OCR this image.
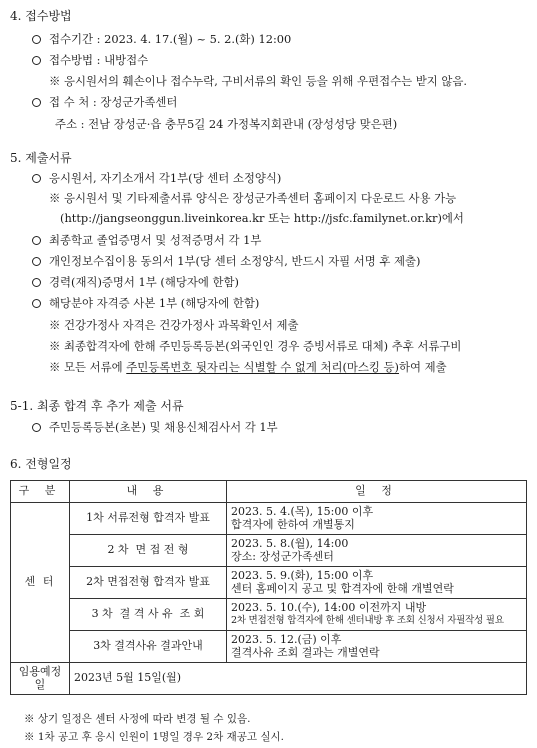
4. 접수방법
접수기간 : 2023. 4. 17.(월) ~ 5. 2.(화) 12:00
접수방법 : 내방접수
※ 응시원서의 훼손이나 접수누락, 구비서류의 확인 등을 위해 우편접수는 받지 않음.
접 수 처 : 장성군가족센터
주소 : 전남 장성군·읍 충무5길 24 가정복지회관내 (장성성당 맞은편)
5. 제출서류
응시원서, 자기소개서 각1부(당 센터 소정양식)
※ 응시원서 및 기타제출서류 양식은 장성군가족센터 홈페이지 다운로드 사용 가능
(http://jangseonggun.liveinkorea.kr 또는 http://jsfc.familynet.or.kr)에서
최종학교 졸업증명서 및 성적증명서 각 1부
개인정보수집이용 동의서 1부(당 센터 소정양식, 반드시 자필 서명 후 제출)
경력(재직)증명서 1부 (해당자에 한함)
해당분야 자격증 사본 1부 (해당자에 한함)
※ 건강가정사 자격은 건강가정사 과목확인서 제출
※ 최종합격자에 한해 주민등록등본(외국인인 경우 증빙서류로 대체) 추후 서류구비
※ 모든 서류에 주민등록번호 뒷자리는 식별할 수 없게 처리(마스킹 등)하여 제출
5-1. 최종 합격 후 추가 제출 서류
주민등록등본(초본) 및 채용신체검사서 각 1부
6. 전형일정
구 분	내 용	일 정
센 터	1차 서류전형 합격자 발표	2023. 5. 4.(목), 15:00 이후
합격자에 한하여 개별통지

	2 차  면 접 전 형	2023. 5. 8.(월), 14:00
장소: 장성군가족센터

	2차 면접전형 합격자 발표	2023. 5. 9.(화), 15:00 이후
센터 홈페이지 공고 및 합격자에 한해 개별연락

	3 차  결 격 사 유  조 회	2023. 5. 10.(수), 14:00 이전까지 내방
2차 면접전형 합격자에 한해 센터내방 후 조회 신청서 자필작성 필요

	3차 결격사유 결과안내	2023. 5. 12.(금) 이후
결격사유 조회 결과는 개별연락

임용예정일	2023년 5월 15일(월)	
※ 상기 일정은 센터 사정에 따라 변경 될 수 있음.
※ 1차 공고 후 응시 인원이 1명일 경우 2차 재공고 실시.
